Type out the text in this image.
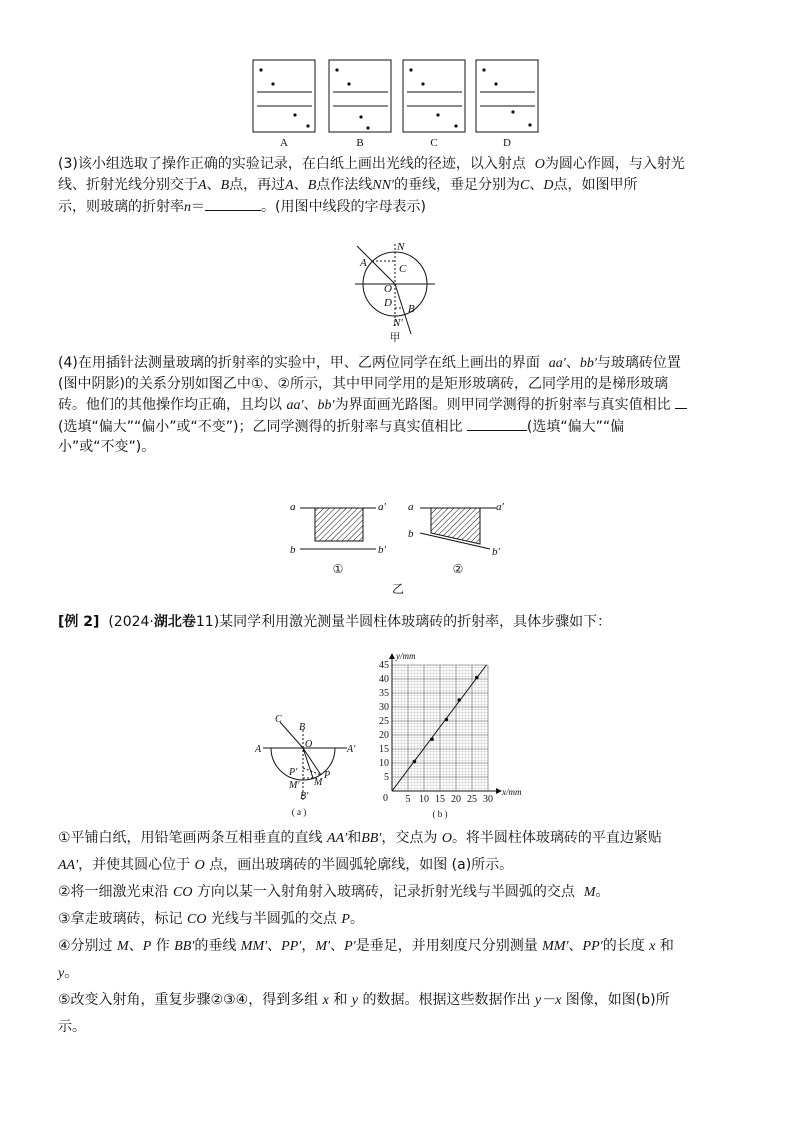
A	B	C	D
(3)该小组选取了操作正确的实验记录，在白纸上画出光线的径迹，以入射点 O为圆心作圆，与入射光
线、折射光线分别交于A、B点，再过A、B点作法线NN′的垂线，垂足分别为C、D点，如图甲所
示，则玻璃的折射率n＝	。(用图中线段的字母表示)
N
A	C
O
D B
N′
甲
(4)在用插针法测量玻璃的折射率的实验中，甲、乙两位同学在纸上画出的界面 aa′、bb′与玻璃砖位置
(图中阴影)的关系分别如图乙中①、②所示，其中甲同学用的是矩形玻璃砖，乙同学用的是梯形玻璃
砖。他们的其他操作均正确，且均以 aa′、bb′为界面画光路图。则甲同学测得的折射率与真实值相比
(选填“偏大”“偏小”或“不变”)；乙同学测得的折射率与真实值相比	(选填“偏大”“偏
小”或“不变”)。
a	a′
b	b′
a	a′
b
b′
①	②
乙
[例 2] (2024·湖北卷11)某同学利用激光测量半圆柱体玻璃砖的折射率，具体步骤如下：
C
B
O
A	A′
P′
M′ M
P
B′
( a )
5
10
15
20
25
30
35
40
45
5 10 15 20 25 30
0
y/mm
x/mm
( b )
①平铺白纸，用铅笔画两条互相垂直的直线 AA′和BB′，交点为 O。将半圆柱体玻璃砖的平直边紧贴
AA′，并使其圆心位于 O 点，画出玻璃砖的半圆弧轮廓线，如图 (a)所示。
②将一细激光束沿 CO 方向以某一入射角射入玻璃砖，记录折射光线与半圆弧的交点 M。
③拿走玻璃砖，标记 CO 光线与半圆弧的交点 P。
④分别过 M、P 作 BB′的垂线 MM′、PP′，M′、P′是垂足，并用刻度尺分别测量 MM′、PP′的长度 x 和
y。
⑤改变入射角，重复步骤②③④，得到多组 x 和 y 的数据。根据这些数据作出 y－x 图像，如图(b)所
示。
